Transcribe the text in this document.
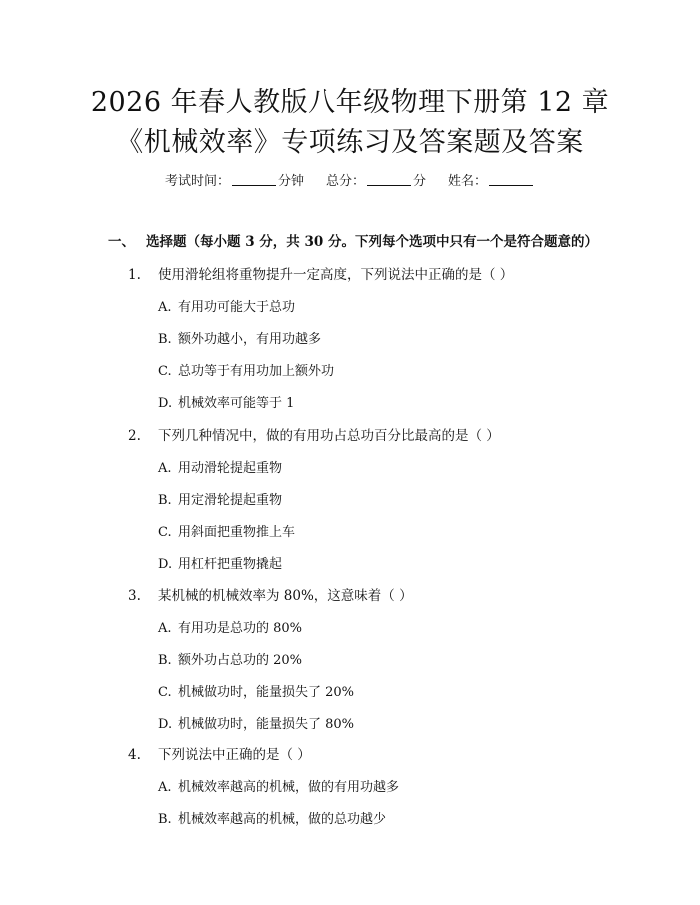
2026 年春人教版八年级物理下册第 12 章
《机械效率》专项练习及答案题及答案
考试时间：	分钟 总分：	分 姓名：
一、 选择题（每小题 3 分，共 30 分。下列每个选项中只有一个是符合题意的）
1. 使用滑轮组将重物提升一定高度，下列说法中正确的是（ ）
A. 有用功可能大于总功
B. 额外功越小，有用功越多
C. 总功等于有用功加上额外功
D. 机械效率可能等于 1
2. 下列几种情况中，做的有用功占总功百分比最高的是（ ）
A. 用动滑轮提起重物
B. 用定滑轮提起重物
C. 用斜面把重物推上车
D. 用杠杆把重物撬起
3. 某机械的机械效率为 80%，这意味着（ ）
A. 有用功是总功的 80%
B. 额外功占总功的 20%
C. 机械做功时，能量损失了 20%
D. 机械做功时，能量损失了 80%
4. 下列说法中正确的是（ ）
A. 机械效率越高的机械，做的有用功越多
B. 机械效率越高的机械，做的总功越少
